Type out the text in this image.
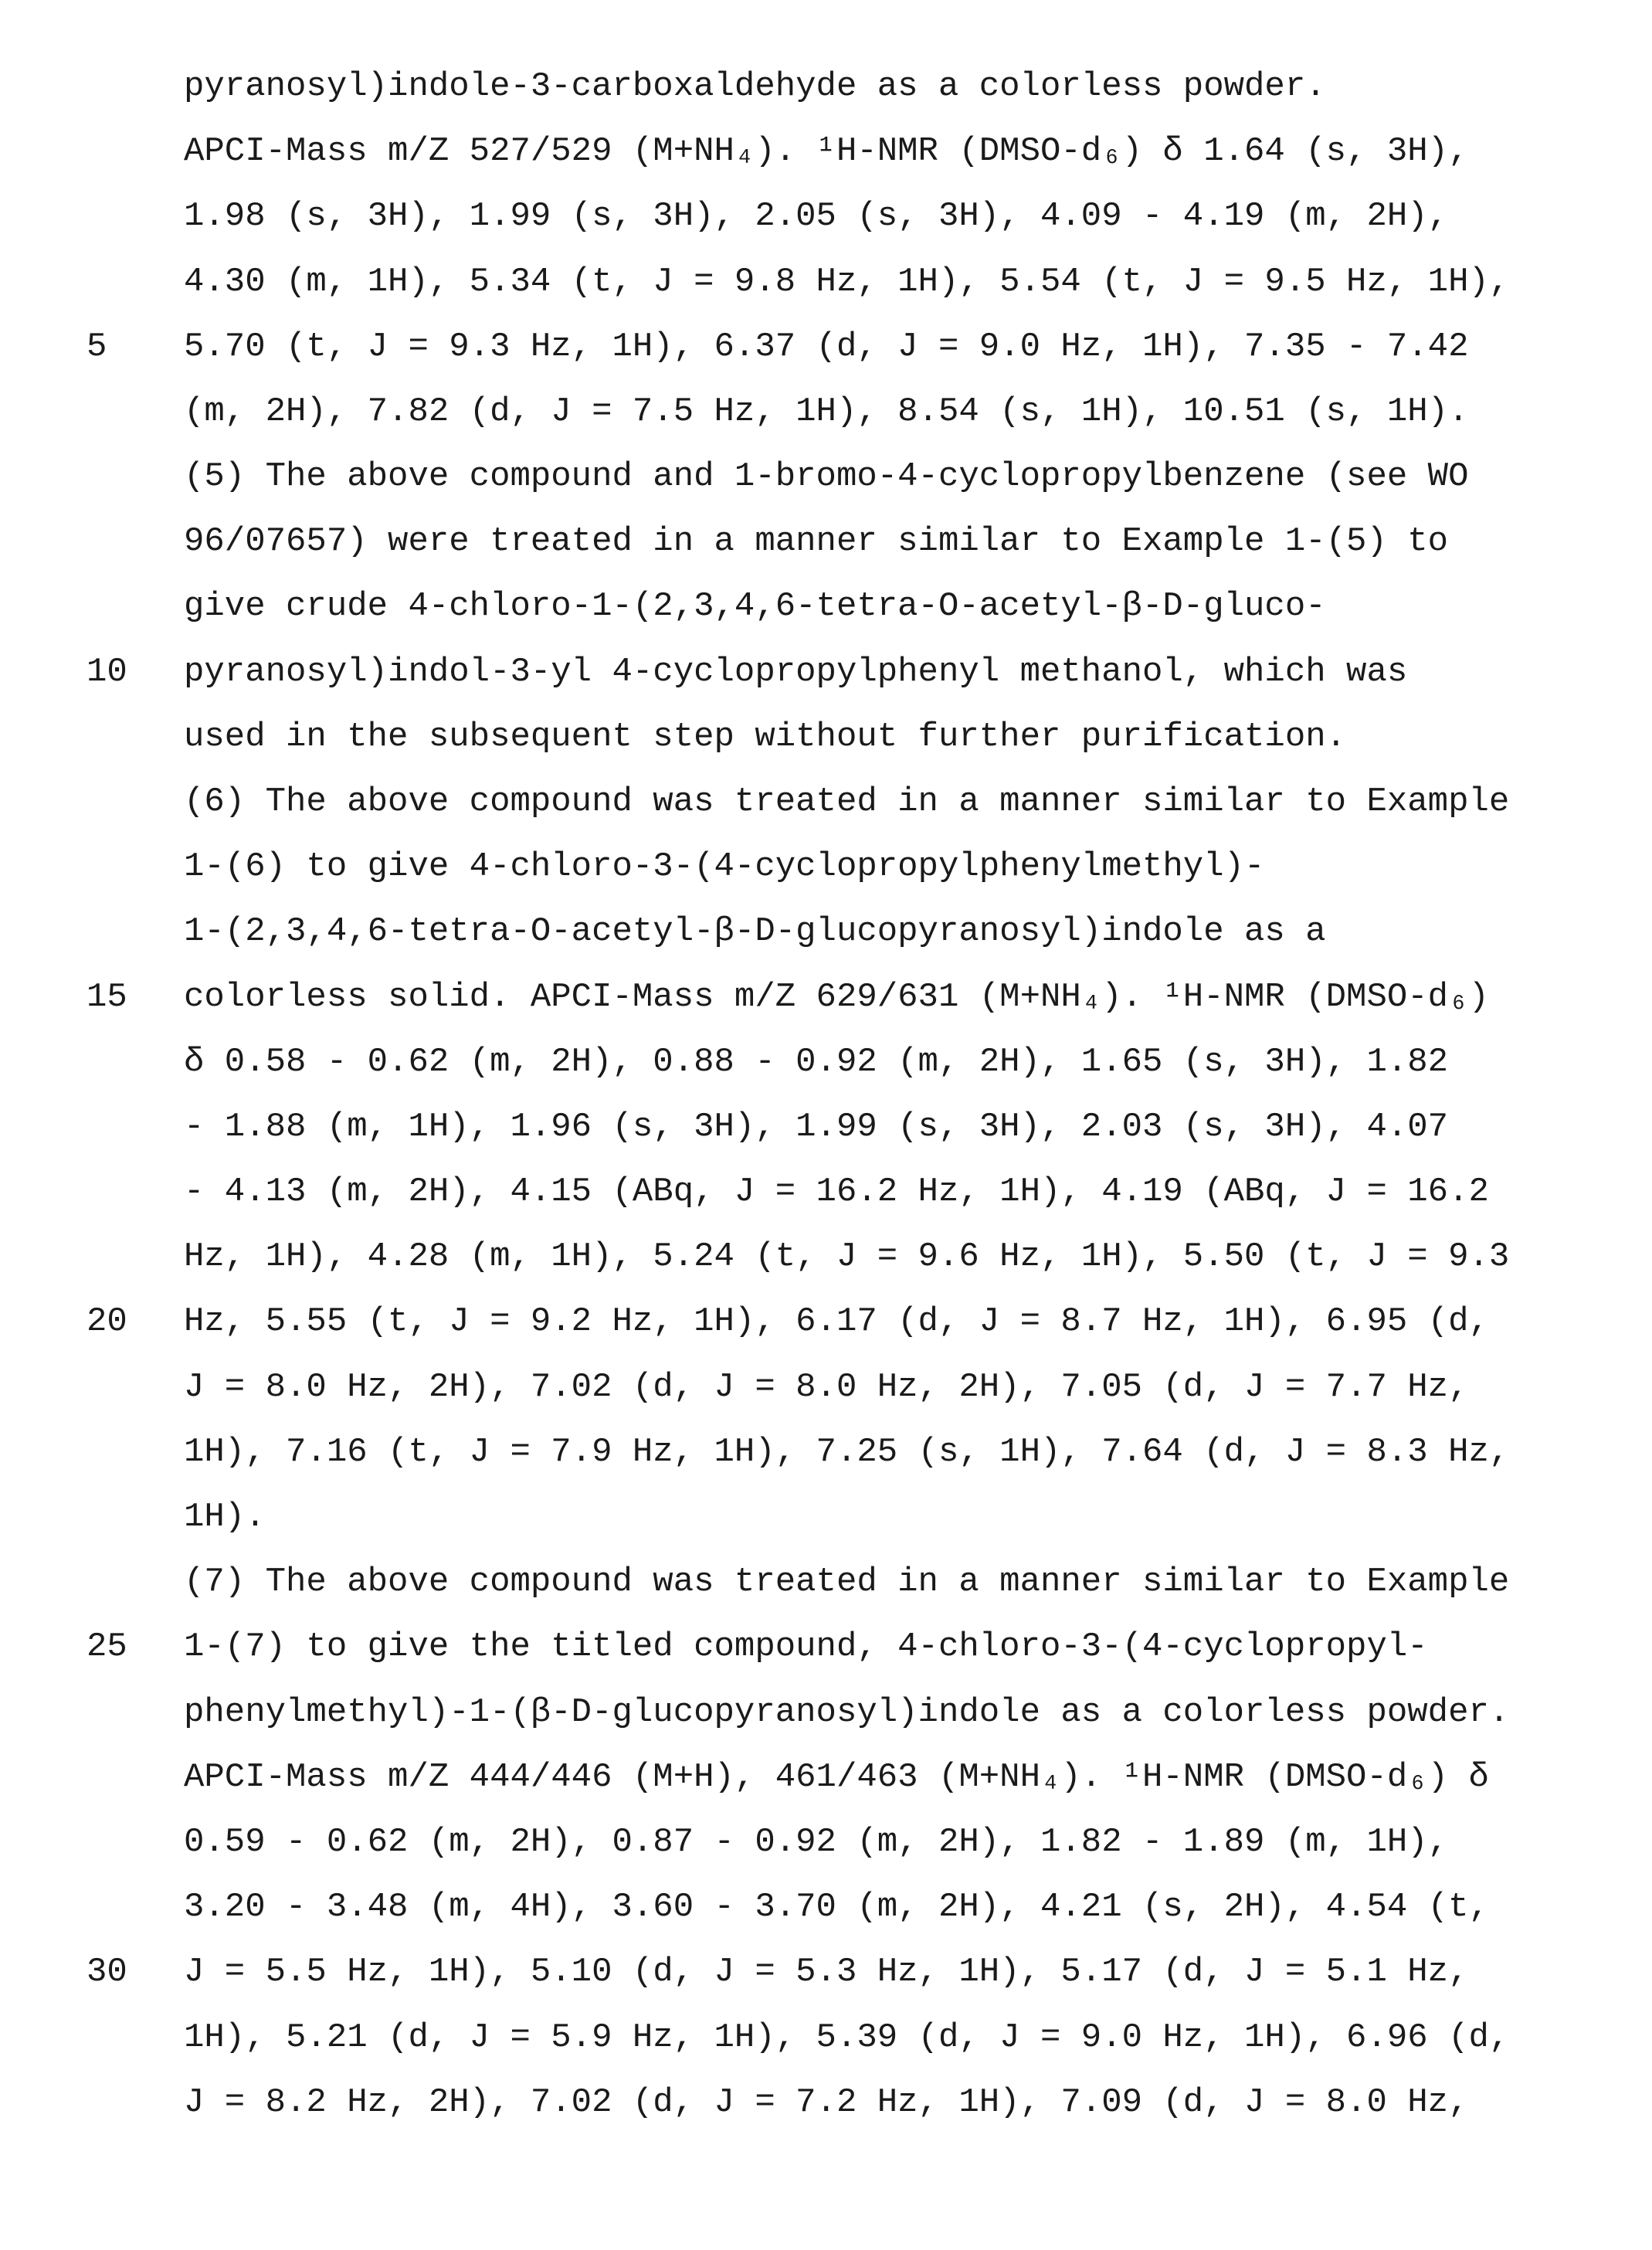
pyranosyl)indole-3-carboxaldehyde as a colorless powder.
APCI-Mass m/Z 527/529 (M+NH₄). ¹H-NMR (DMSO-d₆) δ 1.64 (s, 3H),
1.98 (s, 3H), 1.99 (s, 3H), 2.05 (s, 3H), 4.09 - 4.19 (m, 2H),
4.30 (m, 1H), 5.34 (t, J = 9.8 Hz, 1H), 5.54 (t, J = 9.5 Hz, 1H),
5	5.70 (t, J = 9.3 Hz, 1H), 6.37 (d, J = 9.0 Hz, 1H), 7.35 - 7.42
(m, 2H), 7.82 (d, J = 7.5 Hz, 1H), 8.54 (s, 1H), 10.51 (s, 1H).
(5) The above compound and 1-bromo-4-cyclopropylbenzene (see WO
96/07657) were treated in a manner similar to Example 1-(5) to
give crude 4-chloro-1-(2,3,4,6-tetra-O-acetyl-β-D-gluco-
10	pyranosyl)indol-3-yl 4-cyclopropylphenyl methanol, which was
used in the subsequent step without further purification.
(6) The above compound was treated in a manner similar to Example
1-(6) to give 4-chloro-3-(4-cyclopropylphenylmethyl)-
1-(2,3,4,6-tetra-O-acetyl-β-D-glucopyranosyl)indole as a
15	colorless solid. APCI-Mass m/Z 629/631 (M+NH₄). ¹H-NMR (DMSO-d₆)
δ 0.58 - 0.62 (m, 2H), 0.88 - 0.92 (m, 2H), 1.65 (s, 3H), 1.82
- 1.88 (m, 1H), 1.96 (s, 3H), 1.99 (s, 3H), 2.03 (s, 3H), 4.07
- 4.13 (m, 2H), 4.15 (ABq, J = 16.2 Hz, 1H), 4.19 (ABq, J = 16.2
Hz, 1H), 4.28 (m, 1H), 5.24 (t, J = 9.6 Hz, 1H), 5.50 (t, J = 9.3
20	Hz, 5.55 (t, J = 9.2 Hz, 1H), 6.17 (d, J = 8.7 Hz, 1H), 6.95 (d,
J = 8.0 Hz, 2H), 7.02 (d, J = 8.0 Hz, 2H), 7.05 (d, J = 7.7 Hz,
1H), 7.16 (t, J = 7.9 Hz, 1H), 7.25 (s, 1H), 7.64 (d, J = 8.3 Hz,
1H).
(7) The above compound was treated in a manner similar to Example
25	1-(7) to give the titled compound, 4-chloro-3-(4-cyclopropyl-
phenylmethyl)-1-(β-D-glucopyranosyl)indole as a colorless powder.
APCI-Mass m/Z 444/446 (M+H), 461/463 (M+NH₄). ¹H-NMR (DMSO-d₆) δ
0.59 - 0.62 (m, 2H), 0.87 - 0.92 (m, 2H), 1.82 - 1.89 (m, 1H),
3.20 - 3.48 (m, 4H), 3.60 - 3.70 (m, 2H), 4.21 (s, 2H), 4.54 (t,
30	J = 5.5 Hz, 1H), 5.10 (d, J = 5.3 Hz, 1H), 5.17 (d, J = 5.1 Hz,
1H), 5.21 (d, J = 5.9 Hz, 1H), 5.39 (d, J = 9.0 Hz, 1H), 6.96 (d,
J = 8.2 Hz, 2H), 7.02 (d, J = 7.2 Hz, 1H), 7.09 (d, J = 8.0 Hz,
